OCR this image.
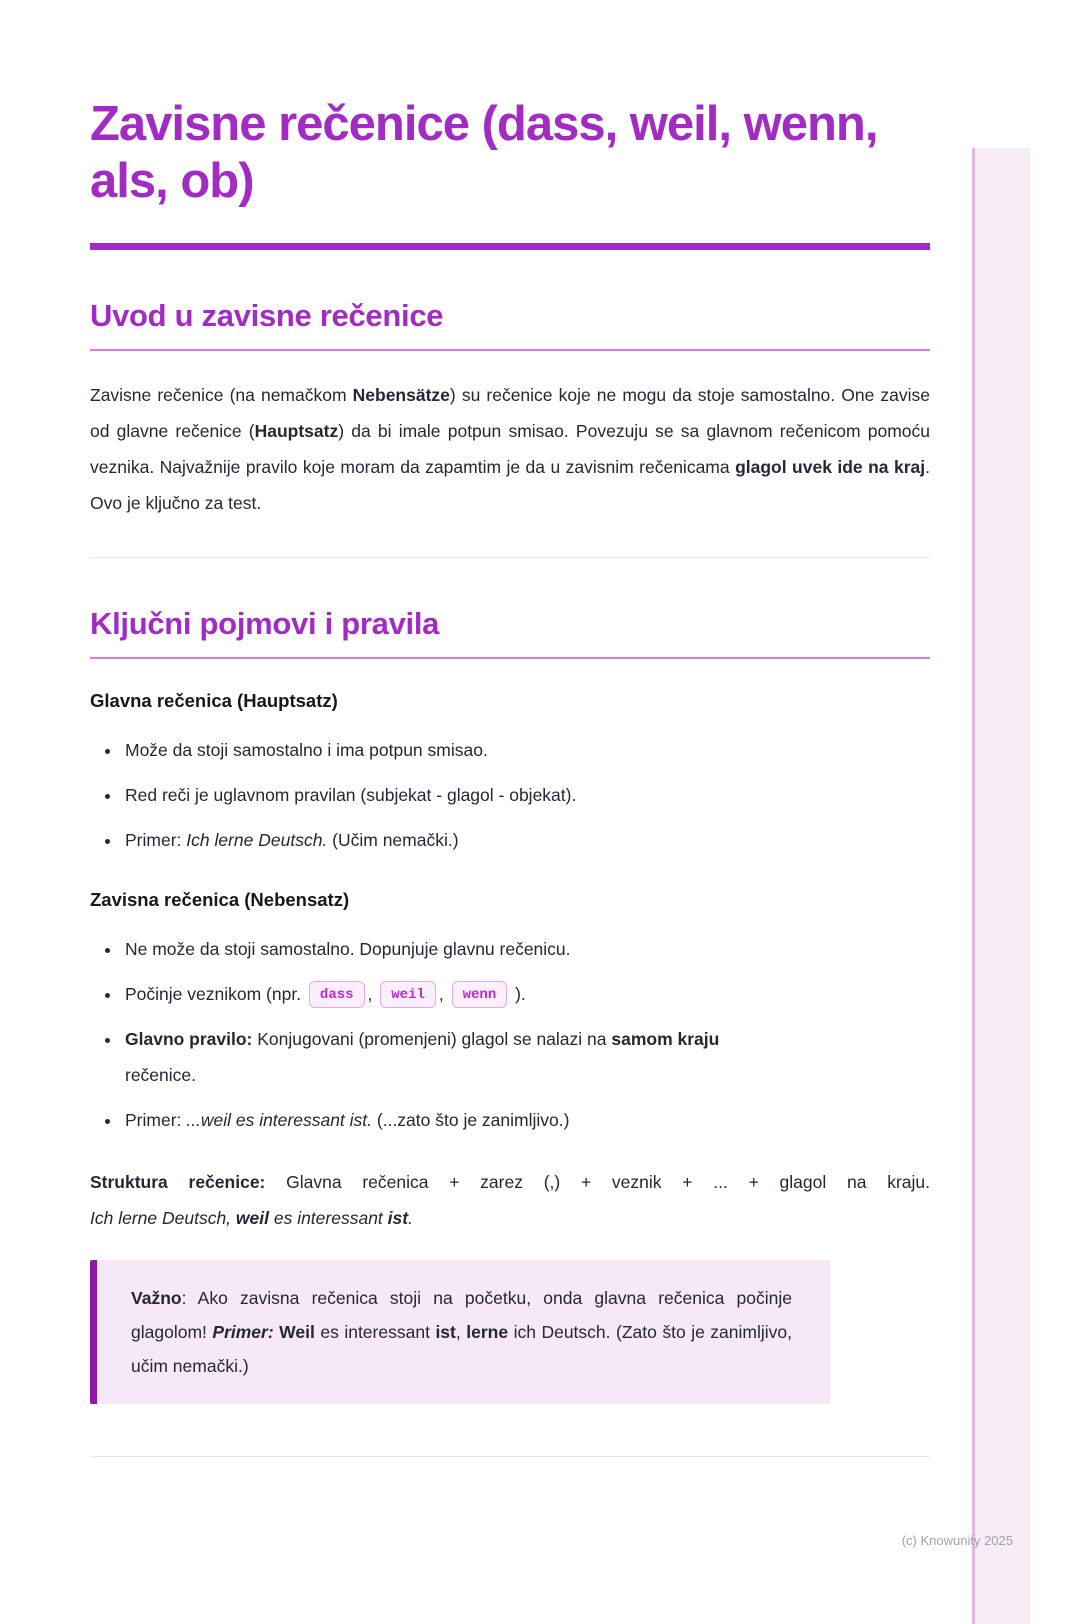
Zavisne rečenice (dass, weil, wenn, als, ob)
Uvod u zavisne rečenice

Zavisne rečenice (na nemačkom Nebensätze) su rečenice koje ne mogu da stoje samostalno. One zavise od glavne rečenice (Hauptsatz) da bi imale potpun smisao. Povezuju se sa glavnom rečenicom pomoću veznika. Najvažnije pravilo koje moram da zapamtim je da u zavisnim rečenicama glagol uvek ide na kraj. Ovo je ključno za test.

Ključni pojmovi i pravila
Glavna rečenica (Hauptsatz)
• Može da stoji samostalno i ima potpun smisao.
• Red reči je uglavnom pravilan (subjekat - glagol - objekat).
• Primer: Ich lerne Deutsch. (Učim nemački.)
Zavisna rečenica (Nebensatz)
• Ne može da stoji samostalno. Dopunjuje glavnu rečenicu.
• Počinje veznikom (npr. dass , weil , wenn ).
• Glavno pravilo: Konjugovani (promenjeni) glagol se nalazi na samom kraju
rečenice.
• Primer: ...weil es interessant ist. (...zato što je zanimljivo.)

Struktura rečenice: Glavna rečenica + zarez (,) + veznik + ... + glagol na kraju.

Ich lerne Deutsch, weil es interessant ist.

Važno: Ako zavisna rečenica stoji na početku, onda glavna rečenica počinje glagolom! Primer: Weil es interessant ist, lerne ich Deutsch. (Zato što je zanimljivo, učim nemački.)

(c) Knowunity 2025
